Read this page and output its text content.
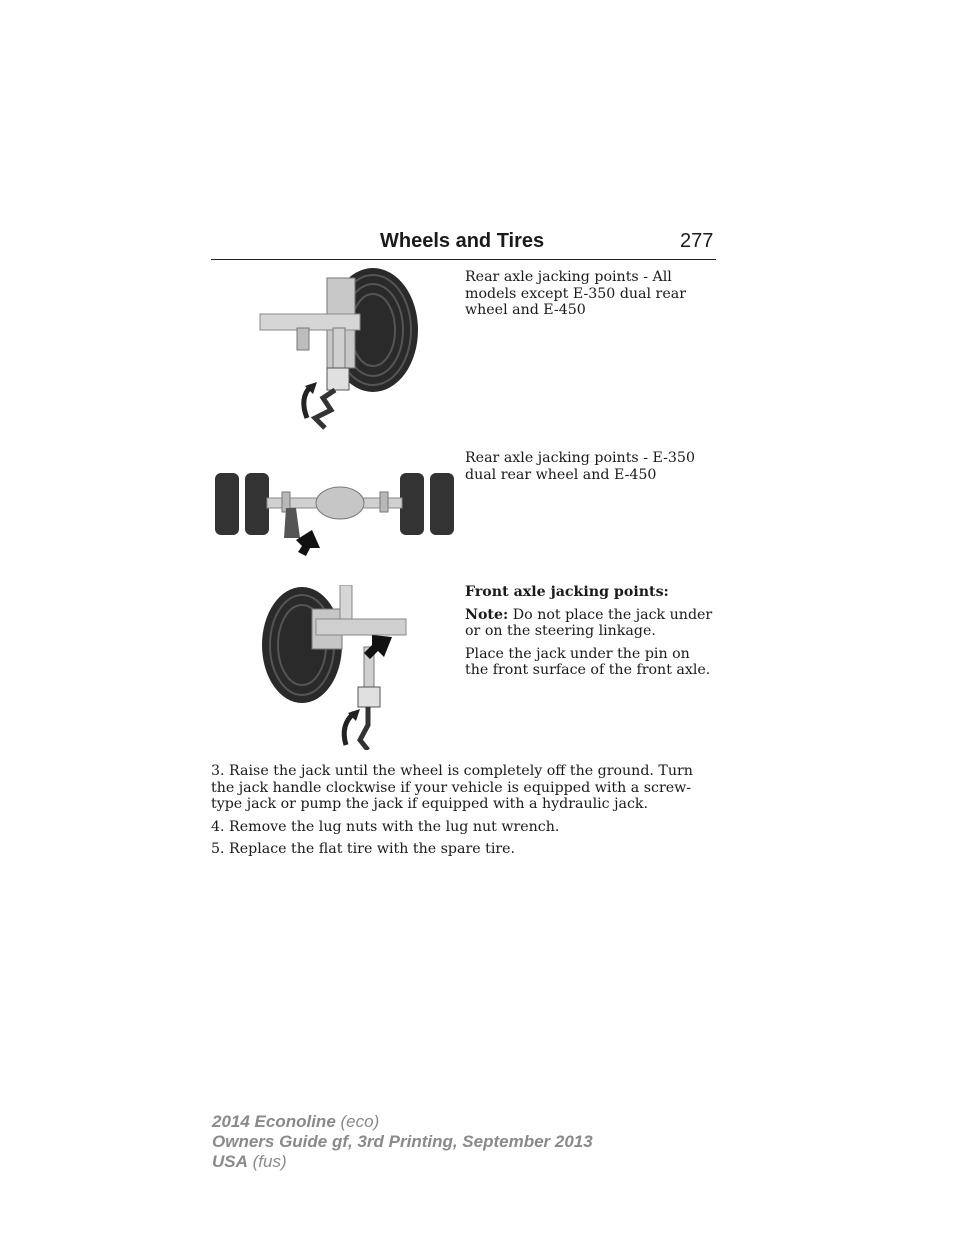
Wheels and Tires	277
Rear axle jacking points - All models except E-350 dual rear wheel and E-450
Rear axle jacking points - E-350 dual rear wheel and E-450

Front axle jacking points:

Note: Do not place the jack under or on the steering linkage.

Place the jack under the pin on the front surface of the front axle.

3. Raise the jack until the wheel is completely off the ground. Turn the jack handle clockwise if your vehicle is equipped with a screw-type jack or pump the jack if equipped with a hydraulic jack.

4. Remove the lug nuts with the lug nut wrench.

5. Replace the flat tire with the spare tire.

2014 Econoline (eco)
Owners Guide gf, 3rd Printing, September 2013
USA (fus)
